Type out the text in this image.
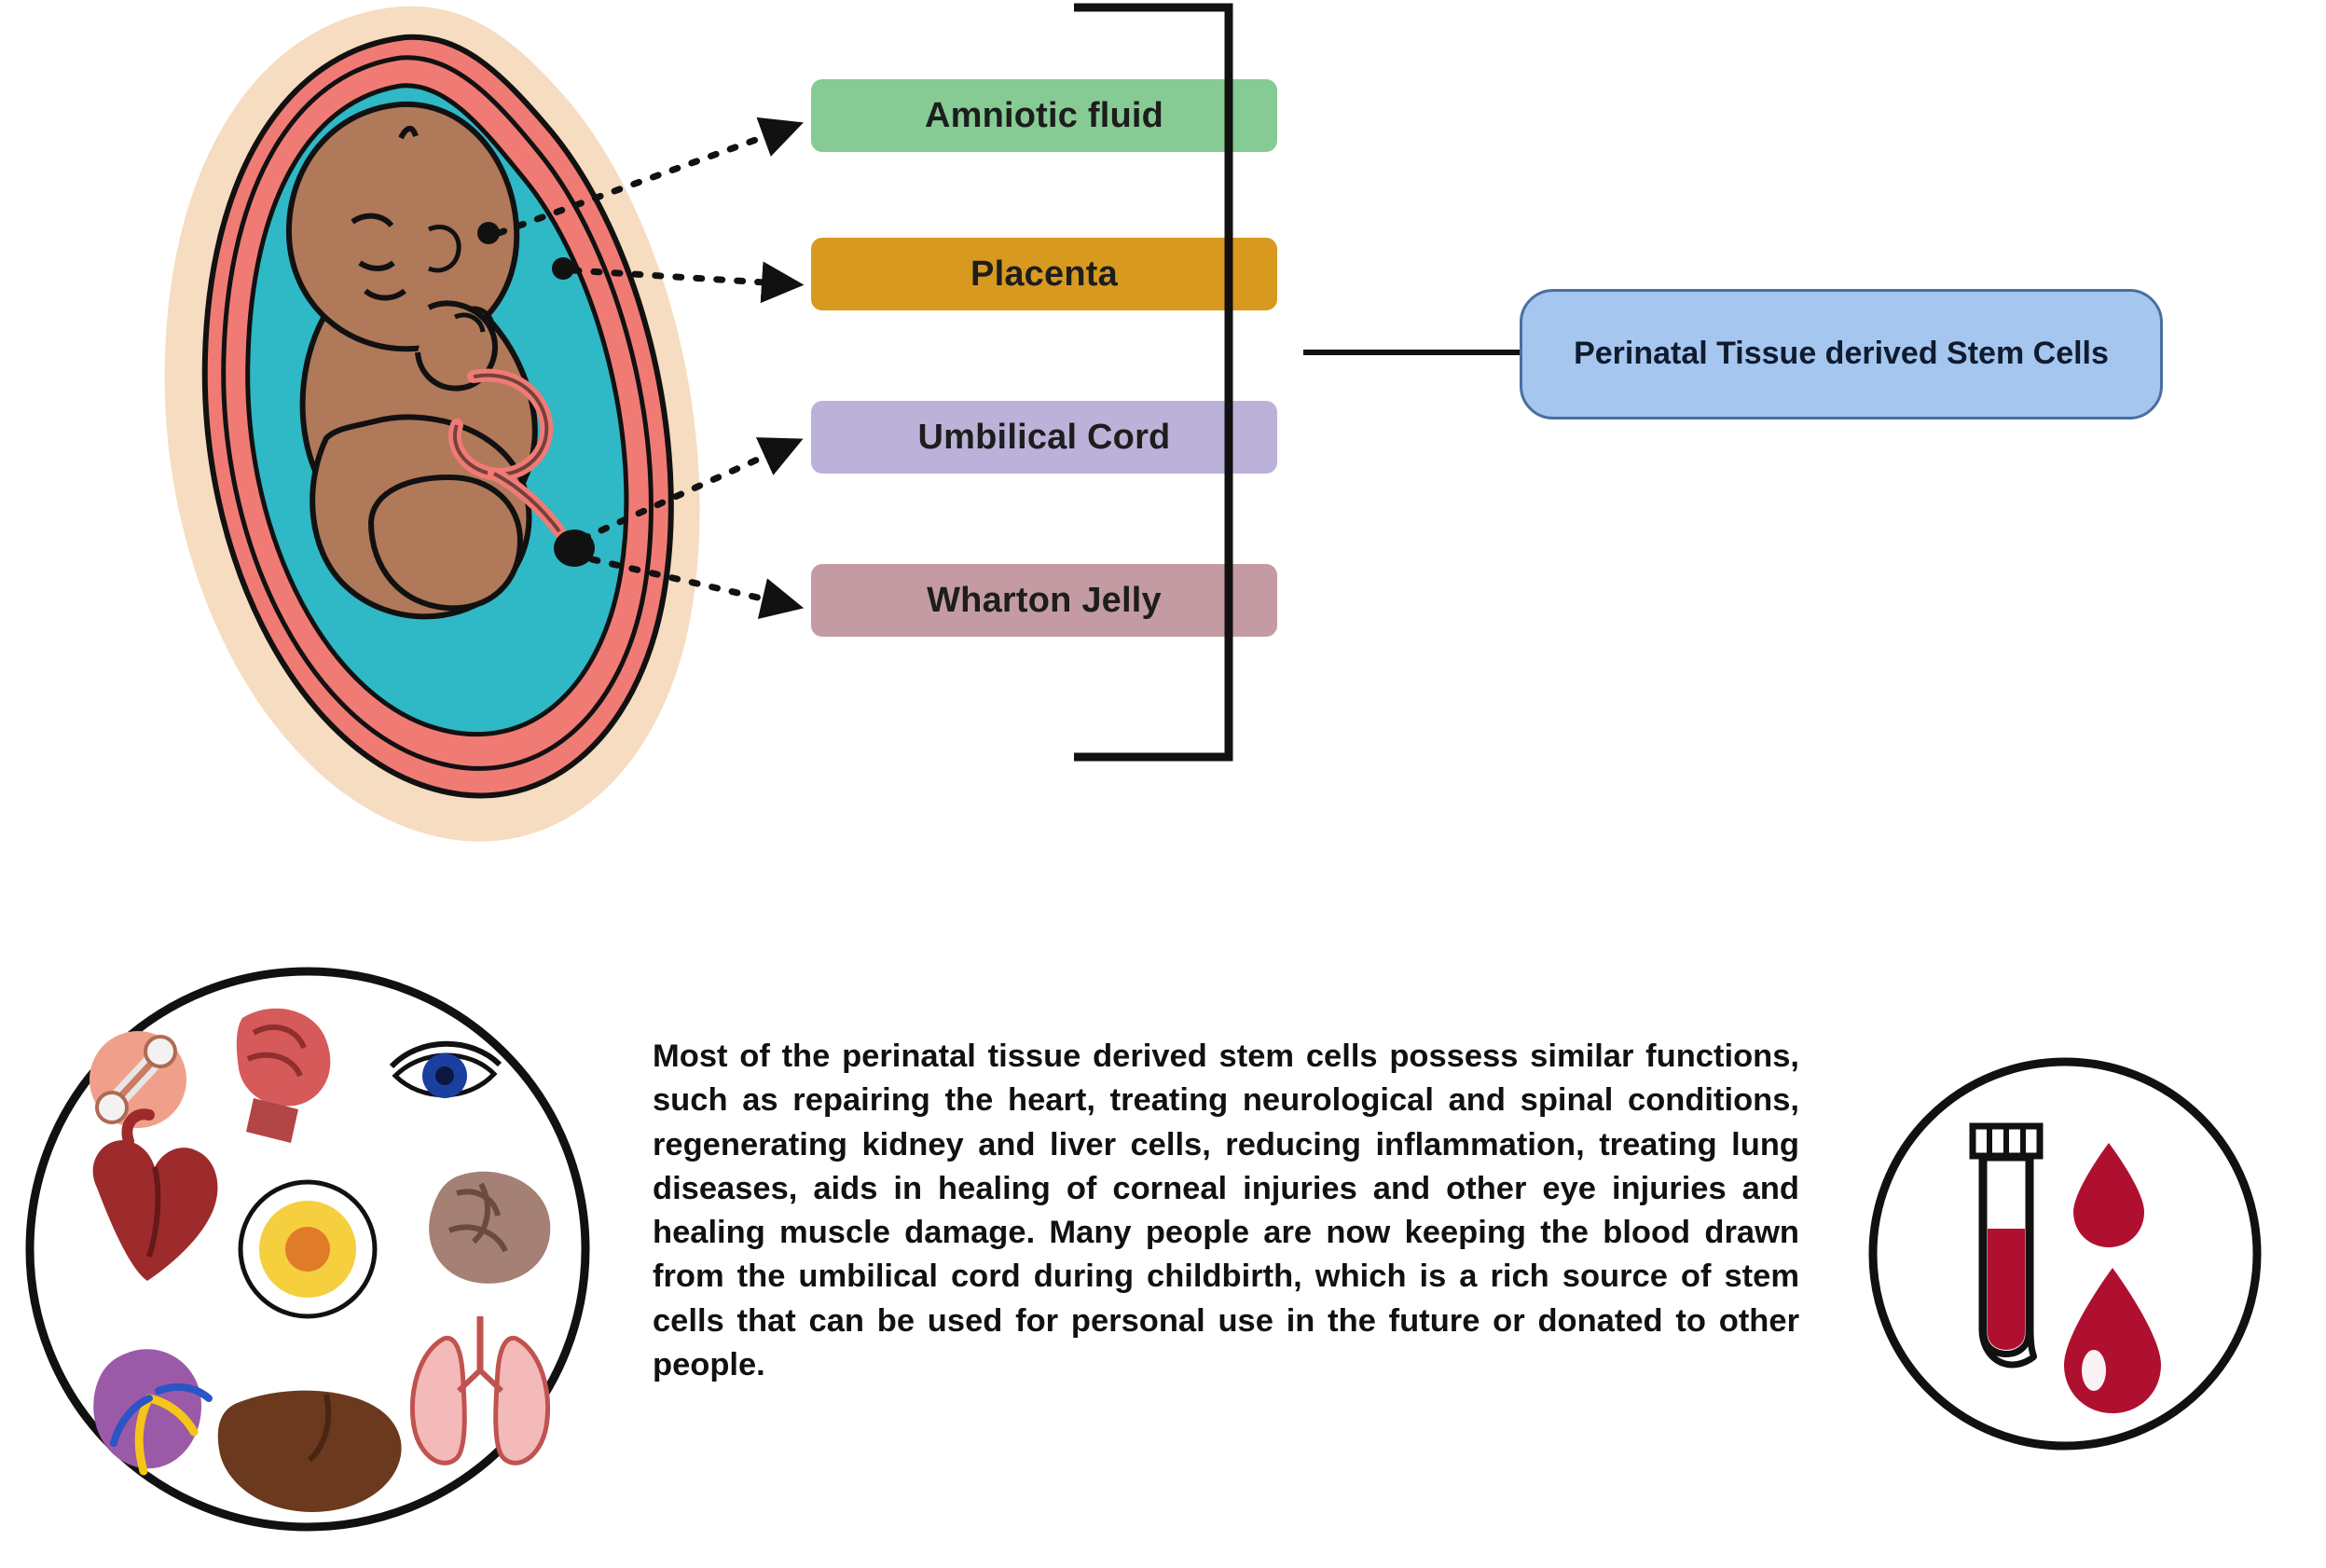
Amniotic fluid
Placenta
Umbilical Cord
Wharton Jelly
Perinatal Tissue derived Stem Cells
Most of the perinatal tissue derived stem cells possess similar functions, such as repairing the heart, treating neurological and spinal conditions, regenerating kidney and liver cells, reducing inflammation, treating lung diseases, aids in healing of corneal injuries and other eye injuries and healing muscle damage. Many people are now keeping the blood drawn from the umbilical cord during childbirth, which is a rich source of stem cells that can be used for personal use in the future or donated to other people.
